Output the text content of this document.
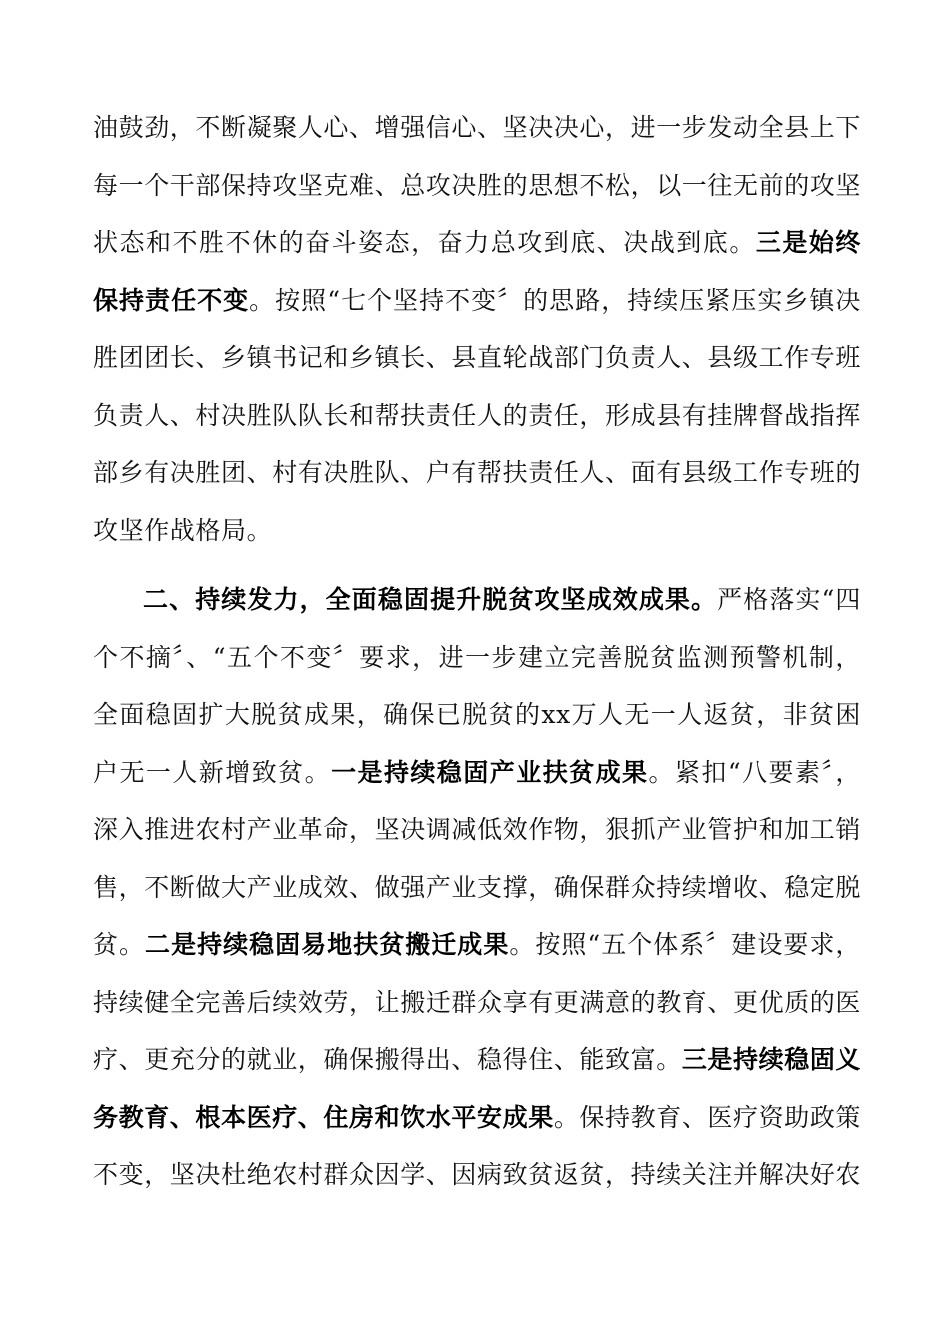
油鼓劲，不断凝聚人心、增强信心、坚决决心，进一步发动全县上下每一个干部保持攻坚克难、总攻决胜的思想不松，以一往无前的攻坚状态和不胜不休的奋斗姿态，奋力总攻到底、决战到底。三是始终保持责任不变。按照“七个坚持不变〞的思路，持续压紧压实乡镇决胜团团长、乡镇书记和乡镇长、县直轮战部门负责人、县级工作专班负责人、村决胜队队长和帮扶责任人的责任，形成县有挂牌督战指挥部乡有决胜团、村有决胜队、户有帮扶责任人、面有县级工作专班的攻坚作战格局。

二、持续发力，全面稳固提升脱贫攻坚成效成果。严格落实“四个不摘〞、“五个不变〞要求，进一步建立完善脱贫监测预警机制，全面稳固扩大脱贫成果，确保已脱贫的xx万人无一人返贫，非贫困户无一人新增致贫。一是持续稳固产业扶贫成果。紧扣“八要素〞，深入推进农村产业革命，坚决调减低效作物，狠抓产业管护和加工销售，不断做大产业成效、做强产业支撑，确保群众持续增收、稳定脱贫。二是持续稳固易地扶贫搬迁成果。按照“五个体系〞建设要求，持续健全完善后续效劳，让搬迁群众享有更满意的教育、更优质的医疗、更充分的就业，确保搬得出、稳得住、能致富。三是持续稳固义务教育、根本医疗、住房和饮水平安成果。保持教育、医疗资助政策不变，坚决杜绝农村群众因学、因病致贫返贫，持续关注并解决好农
